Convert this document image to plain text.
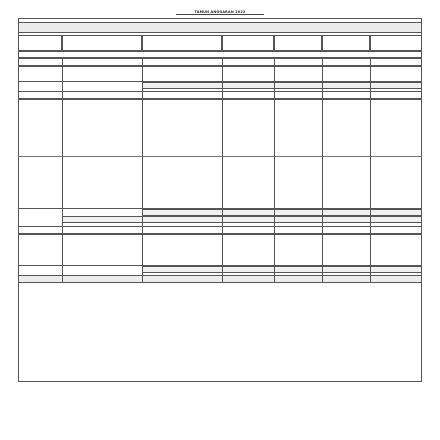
TAMUN ANGGARAN 2022
